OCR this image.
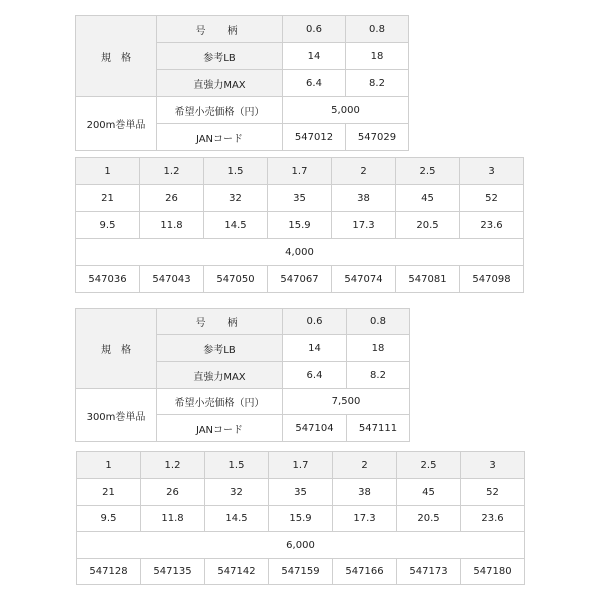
規　格	号　柄	0.6	0.8
	参考LB	14	18
	直強力MAX	6.4	8.2
200m巻単品	希望小売価格（円）	5,000	
	JANコード	547012	547029
1	1.2	1.5	1.7	2	2.5	3
21	26	32	35	38	45	52
9.5	11.8	14.5	15.9	17.3	20.5	23.6
4,000						
547036	547043	547050	547067	547074	547081	547098
規　格	号　柄	0.6	0.8
	参考LB	14	18
	直強力MAX	6.4	8.2
300m巻単品	希望小売価格（円）	7,500	
	JANコード	547104	547111
1	1.2	1.5	1.7	2	2.5	3
21	26	32	35	38	45	52
9.5	11.8	14.5	15.9	17.3	20.5	23.6
6,000						
547128	547135	547142	547159	547166	547173	547180
